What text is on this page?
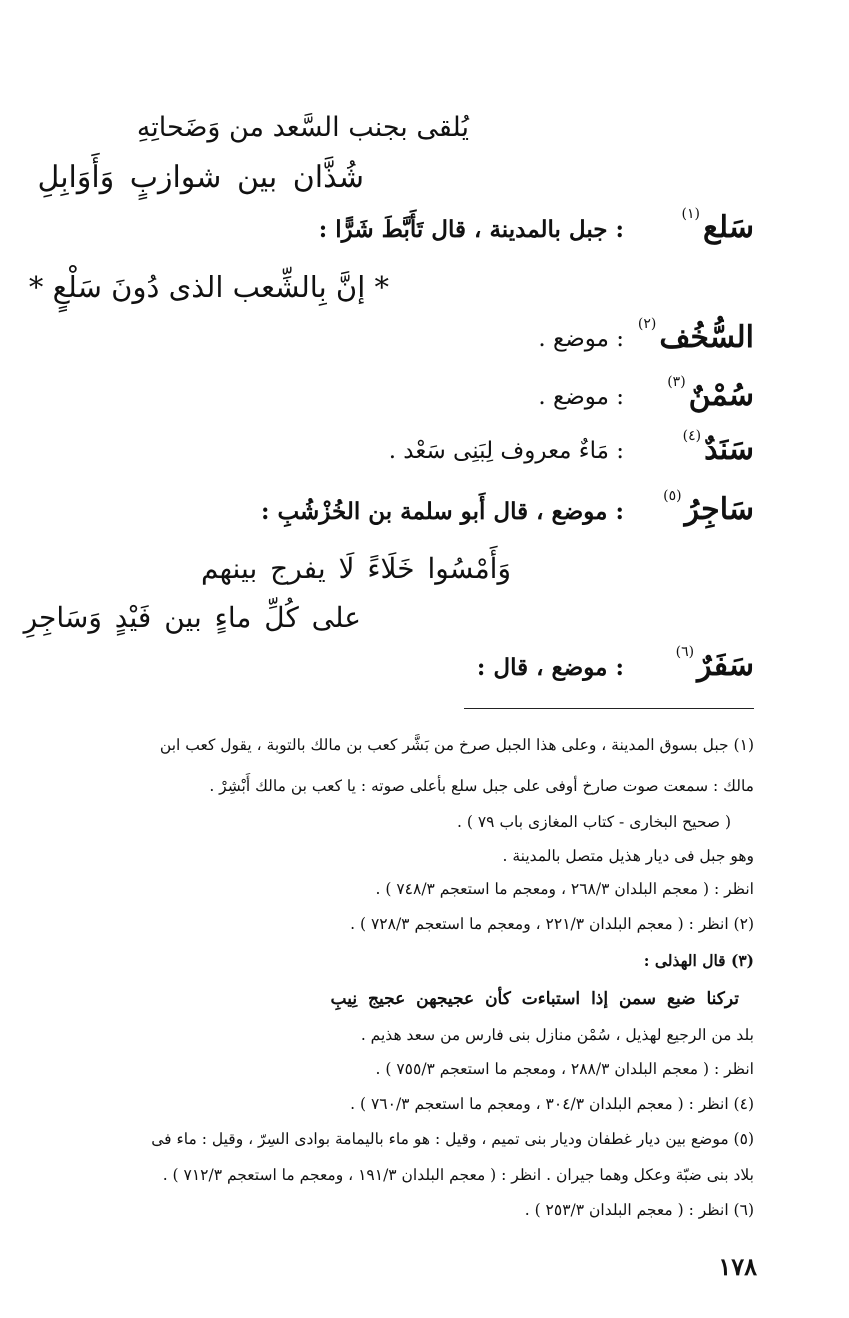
يُلقى بجنب السَّعد من وَضَحاتِهِ
شُذَّان بين شوازبٍ وَأَوَابِلِ
سَلع$^{(١)}$
: جبل بالمدينة ، قال تَأَبَّطَ شَرًّا :
* إنَّ بِالشِّعب الذى دُونَ سَلْعٍ *
السُّخُف$^{(٢)}$
: موضع .
سُمْنٌ$^{(٣)}$
: موضع .
سَنَدٌ$^{(٤)}$
: مَاءٌ معروف لِبَنِى سَعْد .
سَاجِرُ$^{(٥)}$
: موضع ، قال أَبو سلمة بن الخُزْشُبِ :
وَأَمْسُوا خَلَاءً لَا يفرج بينهم
على كُلِّ ماءٍ بين فَيْدٍ وَسَاجِرِ
سَفَرٌ$^{(٦)}$
: موضع ، قال :
(١) جبل بسوق المدينة ، وعلى هذا الجبل صرخ من بَشَّر كعب بن مالك بالتوبة ، يقول كعب ابن
مالك : سمعت صوت صارخ أوفى على جبل سلع بأعلى صوته : يا كعب بن مالك أَبْشِرْ .
( صحيح البخارى - كتاب المغازى باب ٧٩ ) .
وهو جبل فى ديار هذيل متصل بالمدينة .
انظر : ( معجم البلدان ٢٦٨/٣ ، ومعجم ما استعجم ٧٤٨/٣ ) .
(٢) انظر : ( معجم البلدان ٢٢١/٣ ، ومعجم ما استعجم ٧٢٨/٣ ) .
(٣) قال الهذلى :
تركنا ضبع سمن إذا استباءت كأن عجيجهن عجيج نِيبِ
بلد من الرجيع لهذيل ، سُمْن منازل بنى فارس من سعد هذيم .
انظر : ( معجم البلدان ٢٨٨/٣ ، ومعجم ما استعجم ٧٥٥/٣ ) .
(٤) انظر : ( معجم البلدان ٣٠٤/٣ ، ومعجم ما استعجم ٧٦٠/٣ ) .
(٥) موضع بين ديار غطفان وديار بنى تميم ، وقيل : هو ماء باليمامة بوادى السِرّ ، وقيل : ماء فى
بلاد بنى ضبّة وعكل وهما جيران . انظر : ( معجم البلدان ١٩١/٣ ، ومعجم ما استعجم ٧١٢/٣ ) .
(٦) انظر : ( معجم البلدان ٢٥٣/٣ ) .
١٧٨
